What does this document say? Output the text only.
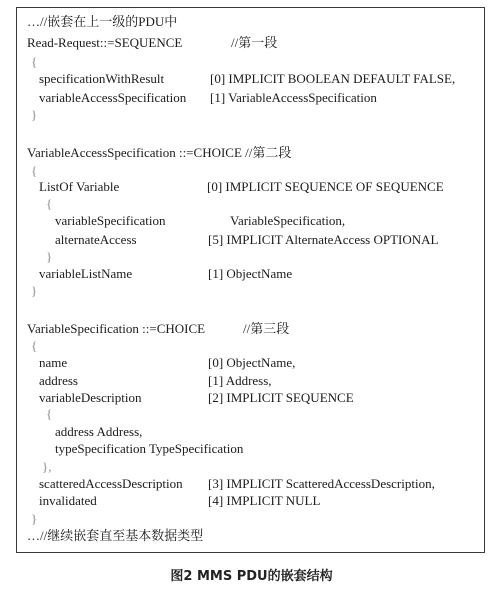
…//嵌套在上一级的PDU中
Read-Request::=SEQUENCE	//第一段
{
specificationWithResult	[0] IMPLICIT BOOLEAN DEFAULT FALSE,
variableAccessSpecification [1] VariableAccessSpecification
}
VariableAccessSpecification ::=CHOICE //第二段
{
ListOf Variable	[0] IMPLICIT SEQUENCE OF SEQUENCE
{
variableSpecification	VariableSpecification,
alternateAccess	[5] IMPLICIT AlternateAccess OPTIONAL
}
variableListName	[1] ObjectName
}
VariableSpecification ::=CHOICE	//第三段
{
name	[0] ObjectName,
address	[1] Address,
variableDescription	[2] IMPLICIT SEQUENCE
{
address Address,
typeSpecification TypeSpecification
},
scatteredAccessDescription [3] IMPLICIT ScatteredAccessDescription,
invalidated	[4] IMPLICIT NULL
}
…//继续嵌套直至基本数据类型
图2 MMS PDU的嵌套结构
